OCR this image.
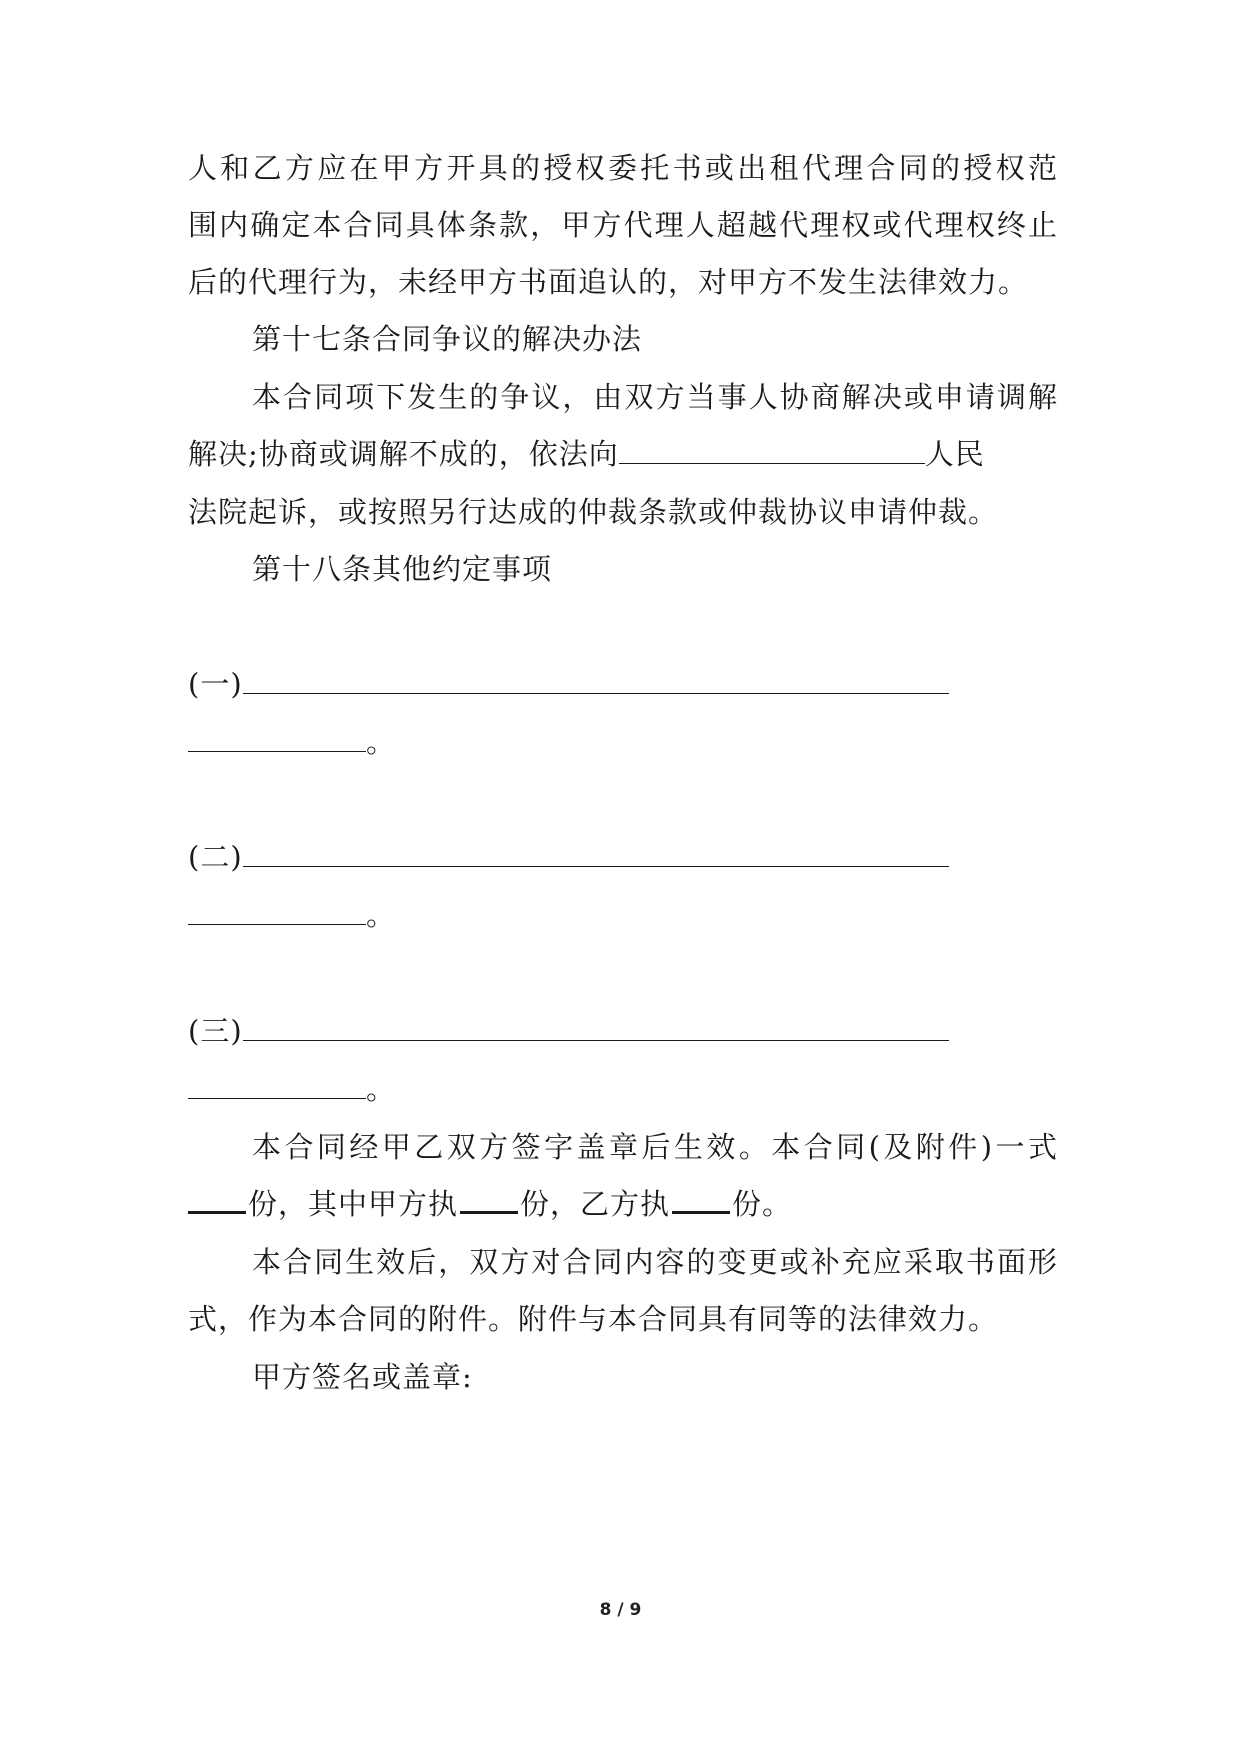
人和乙方应在甲方开具的授权委托书或出租代理合同的授权范
围内确定本合同具体条款，甲方代理人超越代理权或代理权终止
后的代理行为，未经甲方书面追认的，对甲方不发生法律效力。
第十七条合同争议的解决办法
本合同项下发生的争议，由双方当事人协商解决或申请调解
解决;协商或调解不成的，依法向	人民
法院起诉，或按照另行达成的仲裁条款或仲裁协议申请仲裁。
第十八条其他约定事项
(一)
。
(二)
。
(三)
。
本合同经甲乙双方签字盖章后生效。本合同(及附件)一式
份，其中甲方执 份，乙方执 份。
本合同生效后，双方对合同内容的变更或补充应采取书面形
式，作为本合同的附件。附件与本合同具有同等的法律效力。
甲方签名或盖章:
8 / 9
